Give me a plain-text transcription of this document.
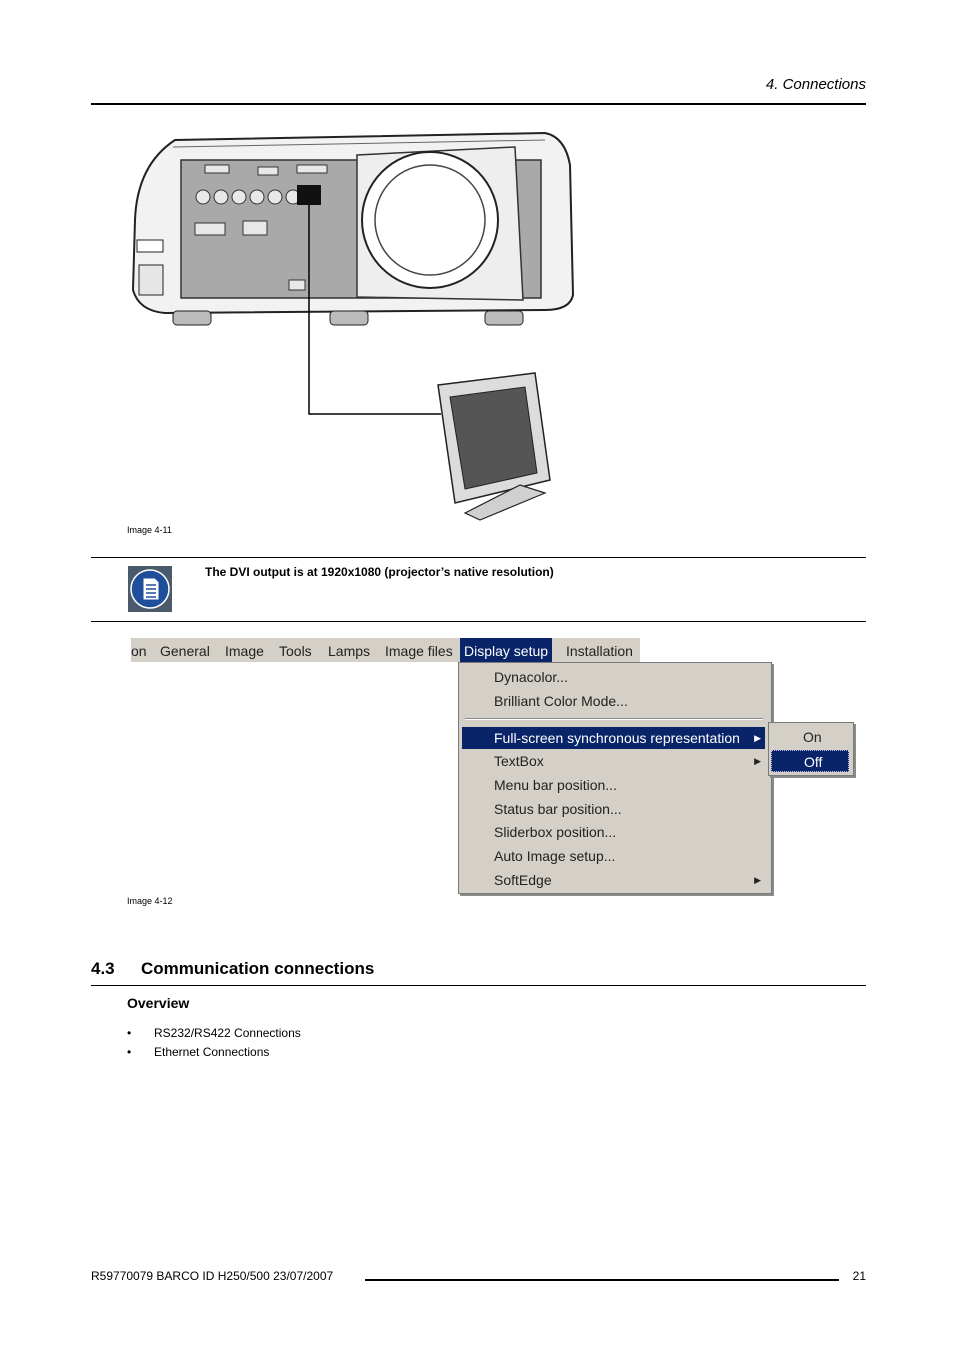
4. Connections
Image 4-11
The DVI output is at 1920x1080 (projector’s native resolution)
on General Image Tools Lamps Image files Display setup Installation
Dynacolor...
Brilliant Color Mode...
Full-screen synchronous representation ▶
TextBox	▶
Menu bar position...
Status bar position...
Sliderbox position...
Auto Image setup...
SoftEdge	▶
On
Off
Image 4-12
4.3 Communication connections
Overview
• RS232/RS422 Connections
• Ethernet Connections
R59770079 BARCO ID H250/500 23/07/2007	21
